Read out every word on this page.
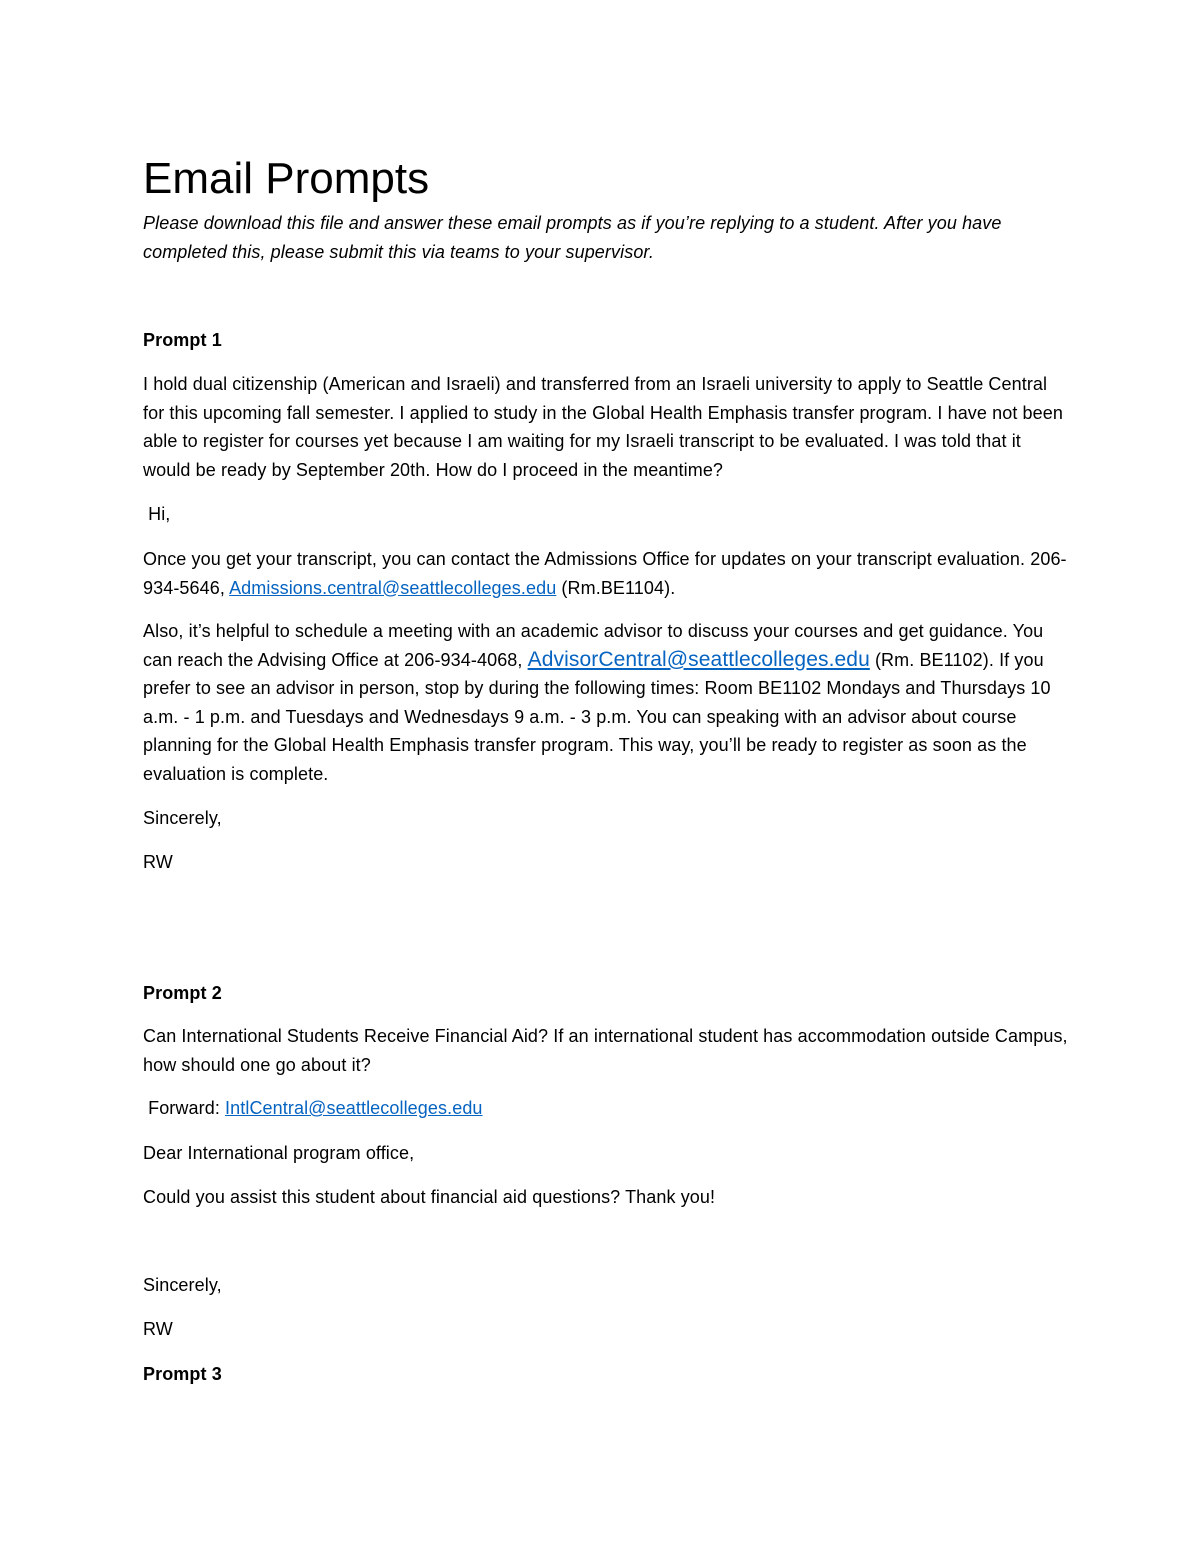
Email Prompts

Please download this file and answer these email prompts as if you’re replying to a student. After you have completed this, please submit this via teams to your supervisor.

Prompt 1

I hold dual citizenship (American and Israeli) and transferred from an Israeli university to apply to Seattle Central for this upcoming fall semester. I applied to study in the Global Health Emphasis transfer program. I have not been able to register for courses yet because I am waiting for my Israeli transcript to be evaluated. I was told that it would be ready by September 20th. How do I proceed in the meantime?

Hi,

Once you get your transcript, you can contact the Admissions Office for updates on your transcript evaluation. 206-934-5646, Admissions.central@seattlecolleges.edu (Rm.BE1104).

Also, it’s helpful to schedule a meeting with an academic advisor to discuss your courses and get guidance. You can reach the Advising Office at 206-934-4068, AdvisorCentral@seattlecolleges.edu (Rm. BE1102). If you prefer to see an advisor in person, stop by during the following times: Room BE1102 Mondays and Thursdays 10 a.m. - 1 p.m. and Tuesdays and Wednesdays 9 a.m. - 3 p.m. You can speaking with an advisor about course planning for the Global Health Emphasis transfer program. This way, you’ll be ready to register as soon as the evaluation is complete.

Sincerely,

RW

Prompt 2

Can International Students Receive Financial Aid? If an international student has accommodation outside Campus, how should one go about it?

Forward: IntlCentral@seattlecolleges.edu

Dear International program office,

Could you assist this student about financial aid questions? Thank you!

Sincerely,

RW

Prompt 3
